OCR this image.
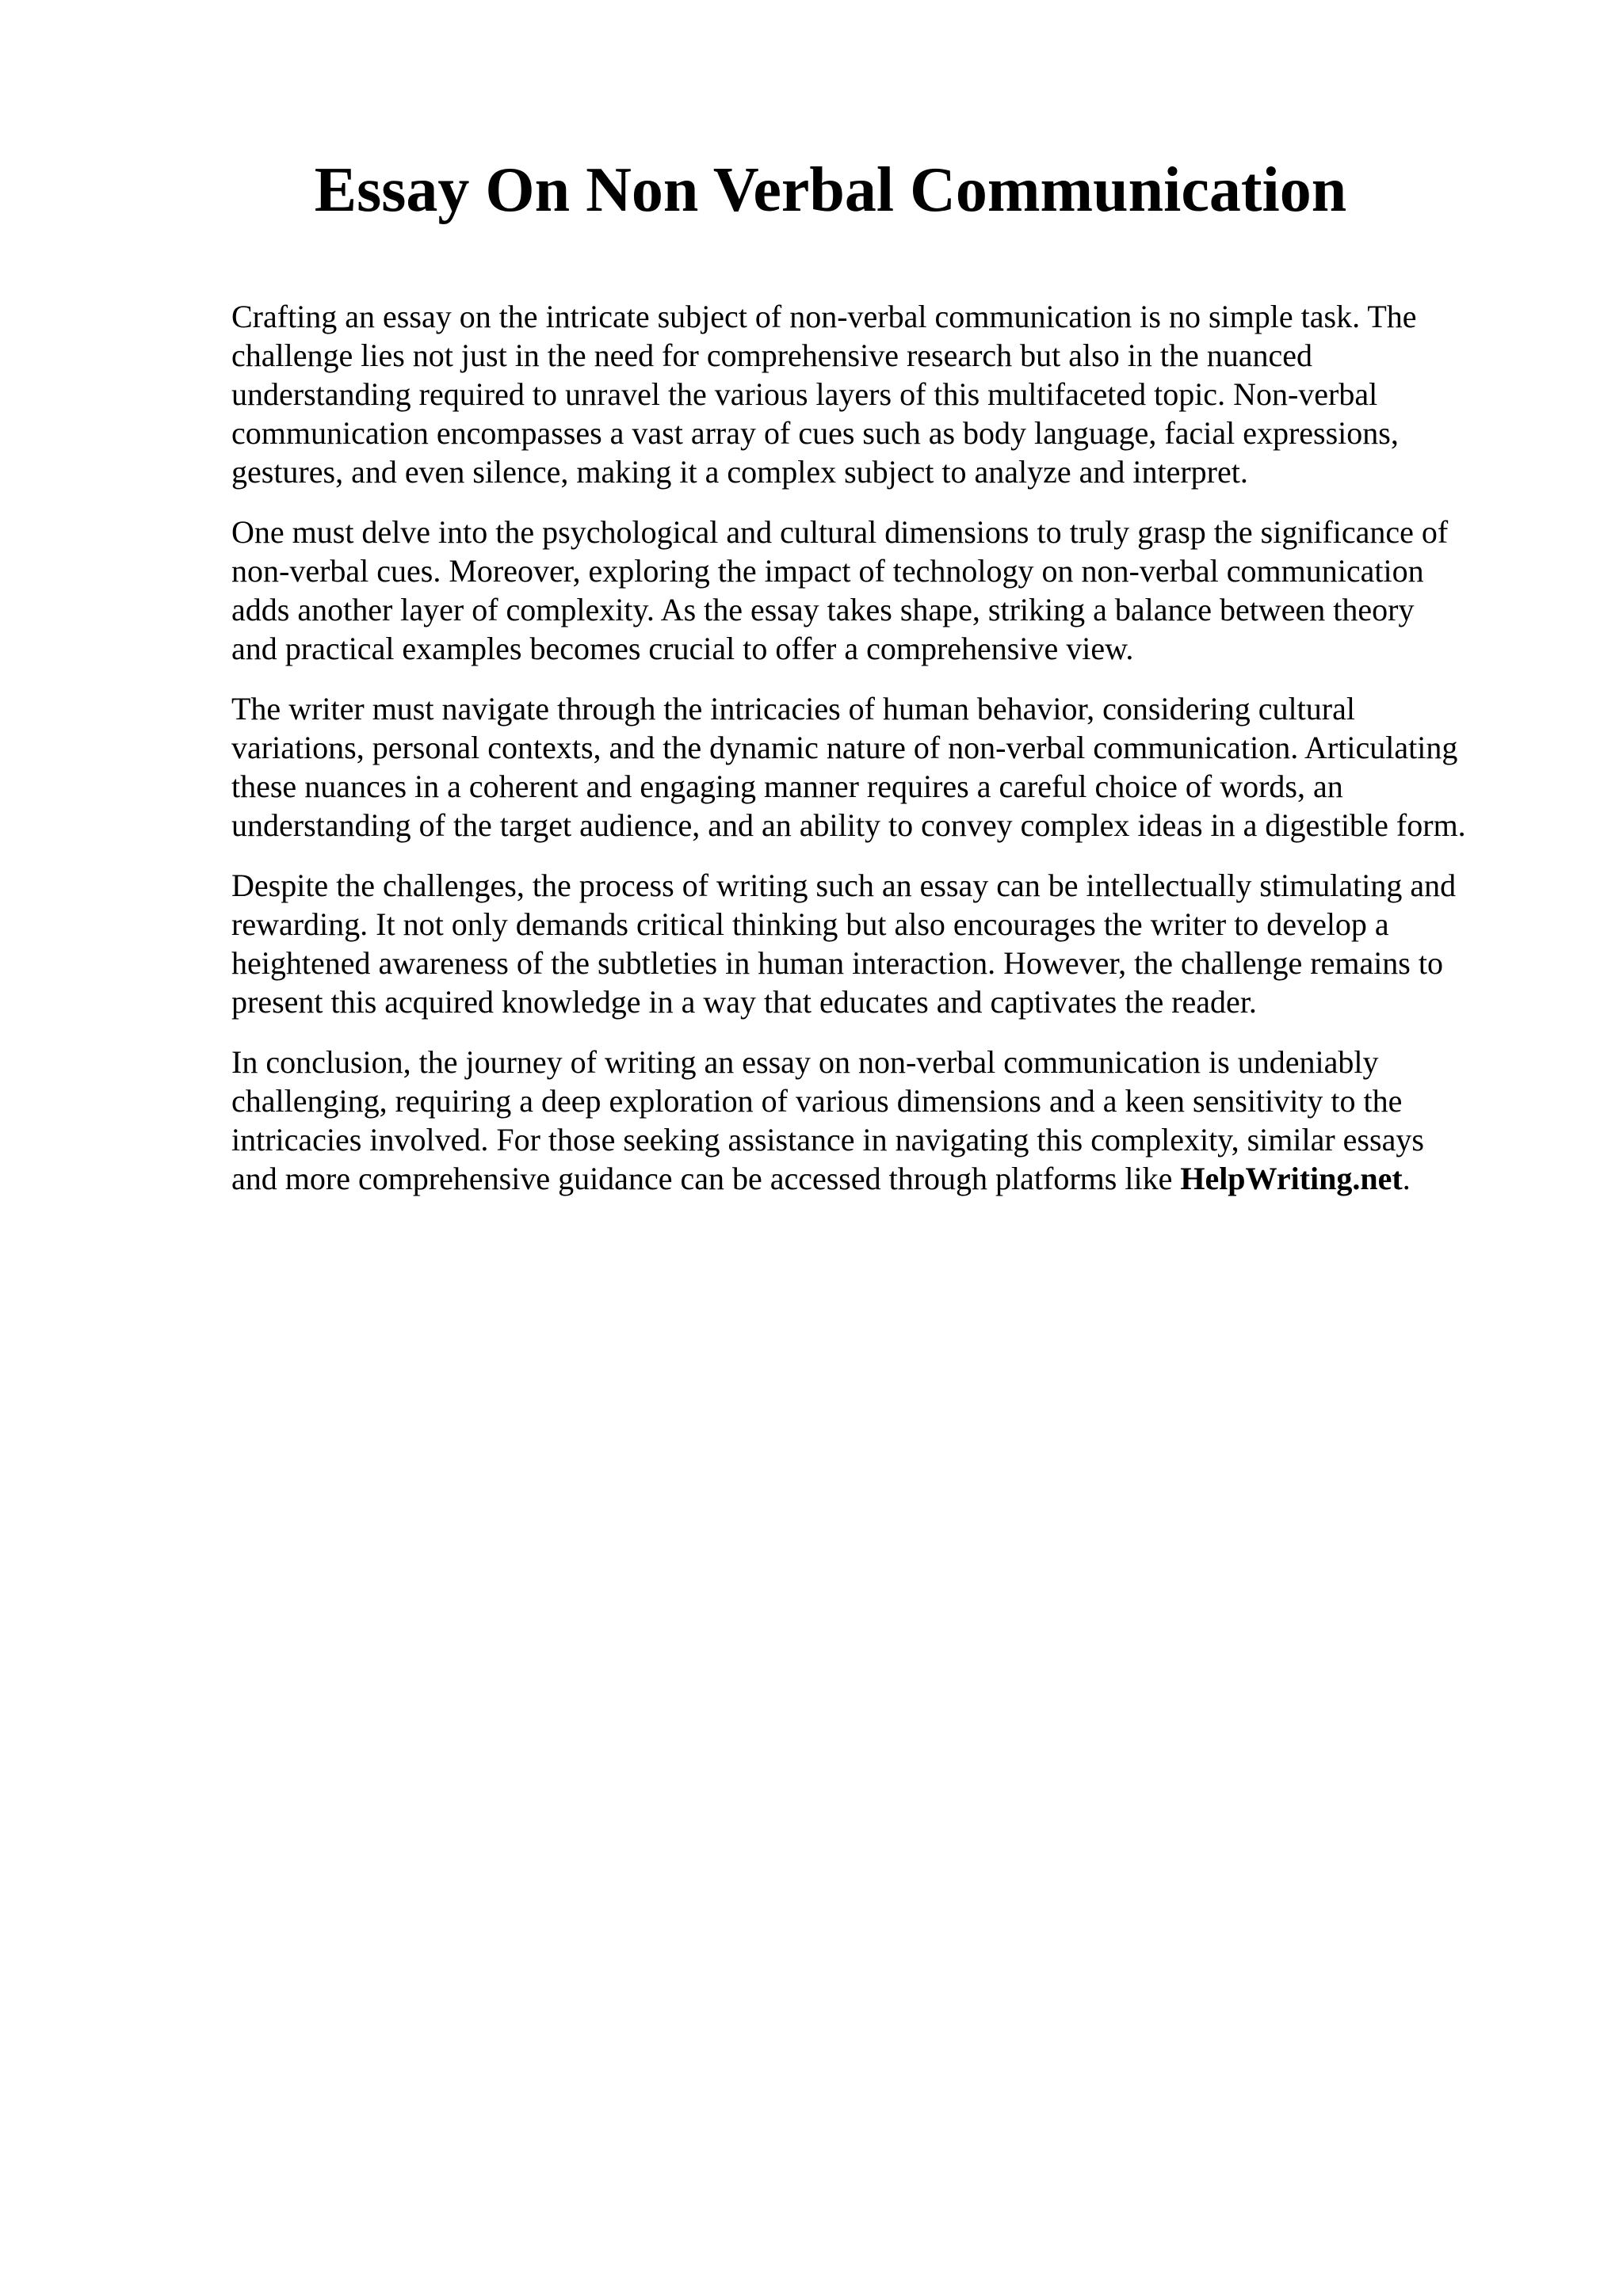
Essay On Non Verbal Communication

Crafting an essay on the intricate subject of non-verbal communication is no simple task. The
challenge lies not just in the need for comprehensive research but also in the nuanced
understanding required to unravel the various layers of this multifaceted topic. Non-verbal
communication encompasses a vast array of cues such as body language, facial expressions,
gestures, and even silence, making it a complex subject to analyze and interpret.

One must delve into the psychological and cultural dimensions to truly grasp the significance of
non-verbal cues. Moreover, exploring the impact of technology on non-verbal communication
adds another layer of complexity. As the essay takes shape, striking a balance between theory
and practical examples becomes crucial to offer a comprehensive view.

The writer must navigate through the intricacies of human behavior, considering cultural
variations, personal contexts, and the dynamic nature of non-verbal communication. Articulating
these nuances in a coherent and engaging manner requires a careful choice of words, an
understanding of the target audience, and an ability to convey complex ideas in a digestible form.

Despite the challenges, the process of writing such an essay can be intellectually stimulating and
rewarding. It not only demands critical thinking but also encourages the writer to develop a
heightened awareness of the subtleties in human interaction. However, the challenge remains to
present this acquired knowledge in a way that educates and captivates the reader.

In conclusion, the journey of writing an essay on non-verbal communication is undeniably
challenging, requiring a deep exploration of various dimensions and a keen sensitivity to the
intricacies involved. For those seeking assistance in navigating this complexity, similar essays
and more comprehensive guidance can be accessed through platforms like HelpWriting.net.
